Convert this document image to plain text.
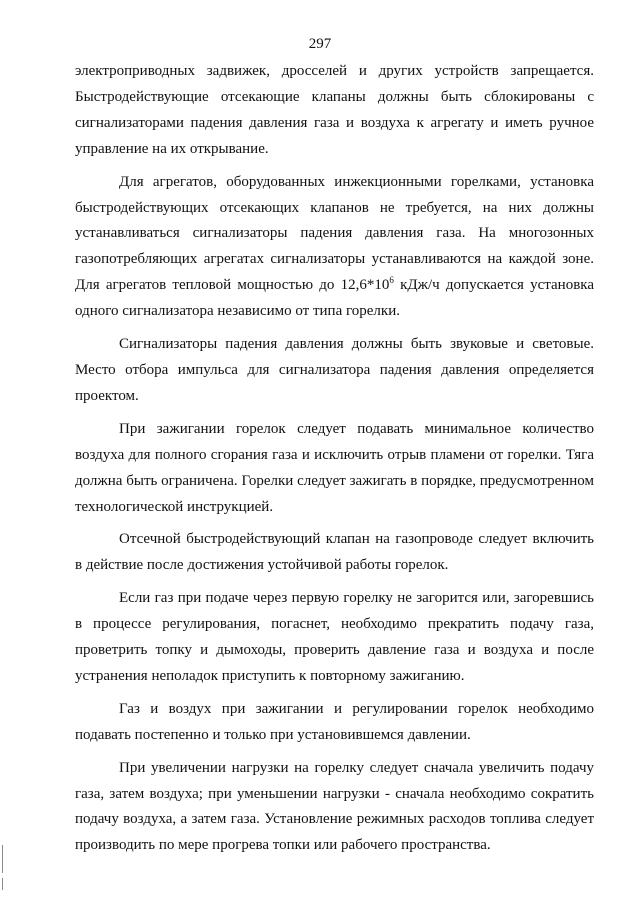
297

электроприводных задвижек, дросселей и других устройств запрещается. Быстродействующие отсекающие клапаны должны быть сблокированы с сигнализаторами падения давления газа и воздуха к агрегату и иметь ручное управление на их открывание.

Для агрегатов, оборудованных инжекционными горелками, установка быстродействующих отсекающих клапанов не требуется, на них должны устанавливаться сигнализаторы падения давления газа. На многозонных газопотребляющих агрегатах сигнализаторы устанавливаются на каждой зоне. Для агрегатов тепловой мощностью до $12,6*10^6$ кДж/ч допускается установка одного сигнализатора независимо от типа горелки.

Сигнализаторы падения давления должны быть звуковые и световые. Место отбора импульса для сигнализатора падения давления определяется проектом.

При зажигании горелок следует подавать минимальное количество воздуха для полного сгорания газа и исключить отрыв пламени от горелки. Тяга должна быть ограничена. Горелки следует зажигать в порядке, предусмотренном технологической инструкцией.

Отсечной быстродействующий клапан на газопроводе следует включить в действие после достижения устойчивой работы горелок.

Если газ при подаче через первую горелку не загорится или, загоревшись в процессе регулирования, погаснет, необходимо прекратить подачу газа, проветрить топку и дымоходы, проверить давление газа и воздуха и после устранения неполадок приступить к повторному зажиганию.

Газ и воздух при зажигании и регулировании горелок необходимо подавать постепенно и только при установившемся давлении.

При увеличении нагрузки на горелку следует сначала увеличить подачу газа, затем воздуха; при уменьшении нагрузки - сначала необходимо сократить подачу воздуха, а затем газа. Установление режимных расходов топлива следует производить по мере прогрева топки или рабочего пространства.
